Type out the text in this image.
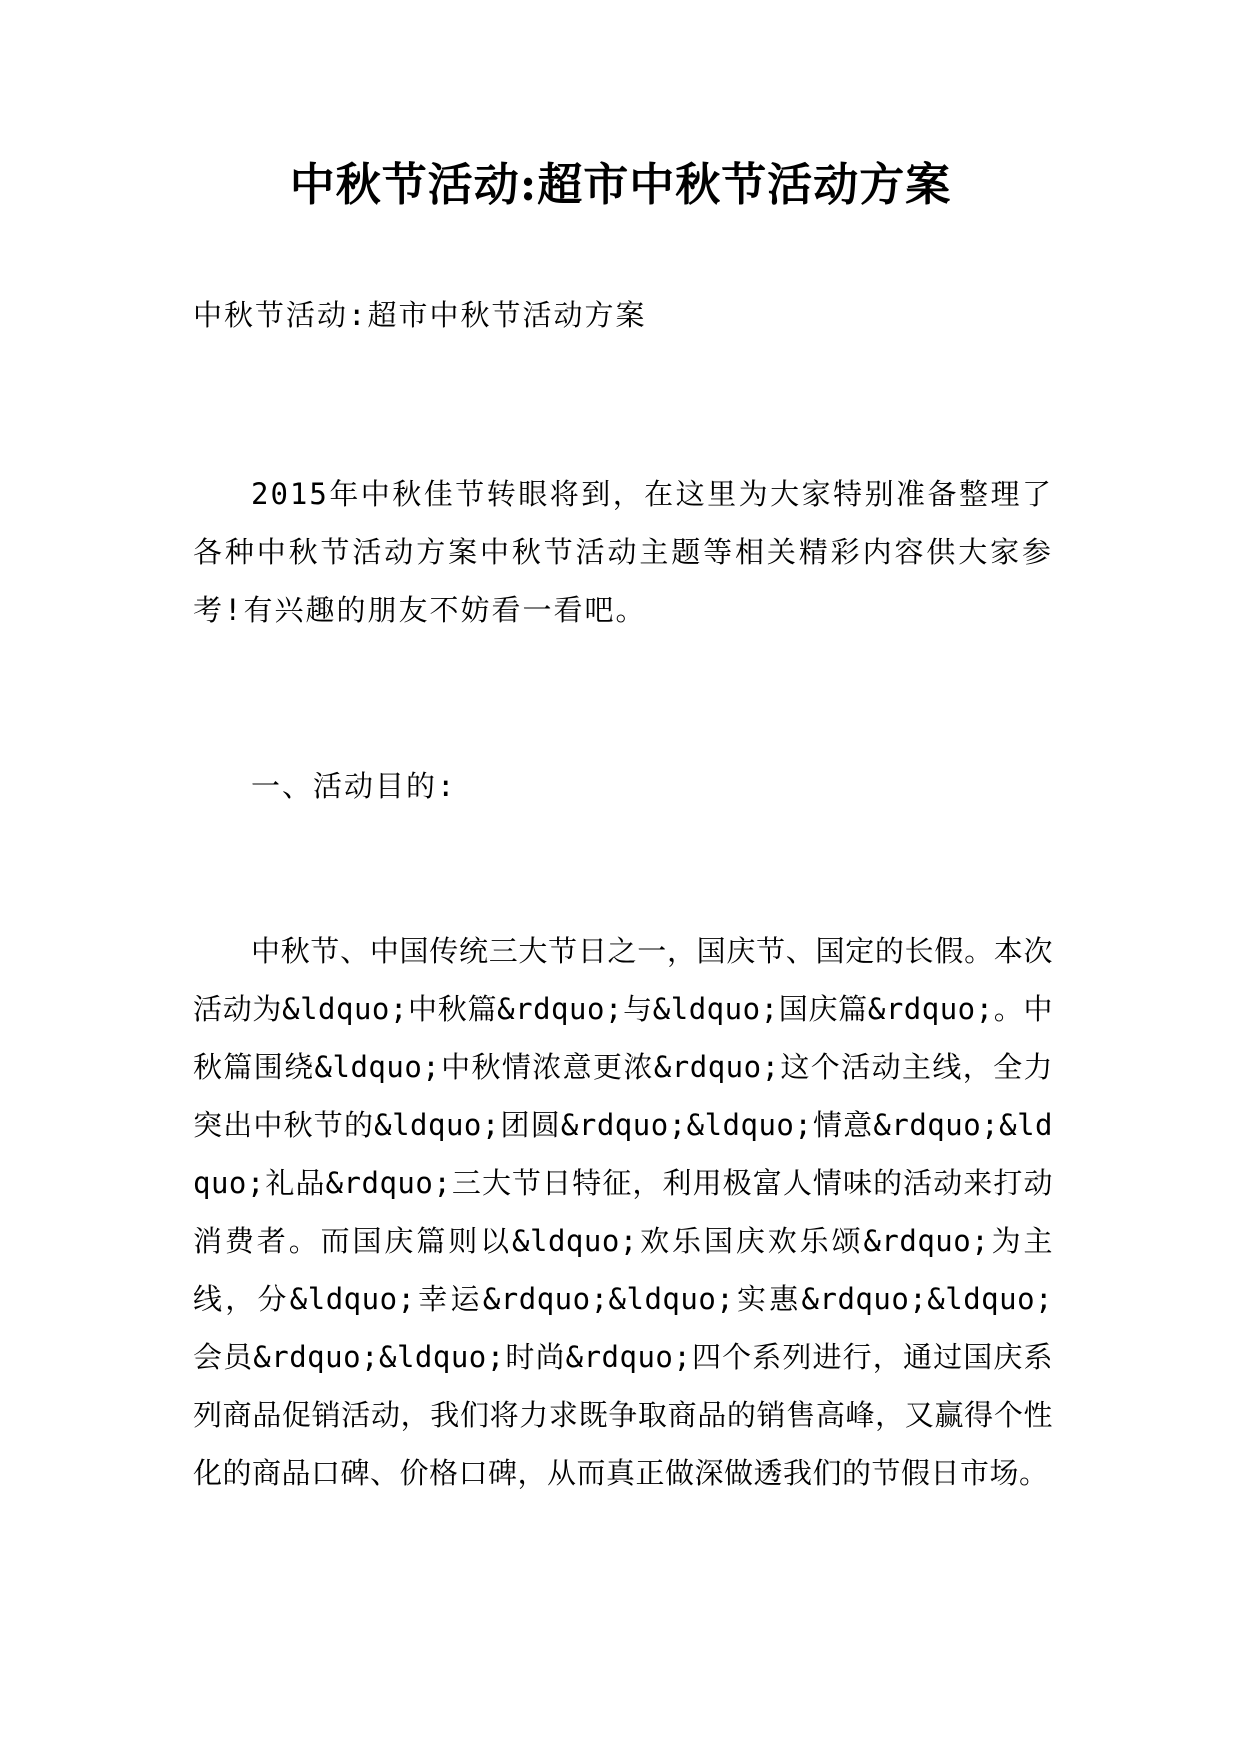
中秋节活动:超市中秋节活动方案

中秋节活动:超市中秋节活动方案

2015年中秋佳节转眼将到，在这里为大家特别准备整理了各种中秋节活动方案中秋节活动主题等相关精彩内容供大家参考!有兴趣的朋友不妨看一看吧。

一、活动目的:

中秋节、中国传统三大节日之一，国庆节、国定的长假。本次活动为&ldquo;中秋篇&rdquo;与&ldquo;国庆篇&rdquo;。中秋篇围绕&ldquo;中秋情浓意更浓&rdquo;这个活动主线，全力突出中秋节的&ldquo;团圆&rdquo;&ldquo;情意&rdquo;&ldquo;礼品&rdquo;三大节日特征，利用极富人情味的活动来打动消费者。而国庆篇则以&ldquo;欢乐国庆欢乐颂&rdquo;为主线，分&ldquo;幸运&rdquo;&ldquo;实惠&rdquo;&ldquo;会员&rdquo;&ldquo;时尚&rdquo;四个系列进行，通过国庆系列商品促销活动，我们将力求既争取商品的销售高峰，又赢得个性化的商品口碑、价格口碑，从而真正做深做透我们的节假日市场。
